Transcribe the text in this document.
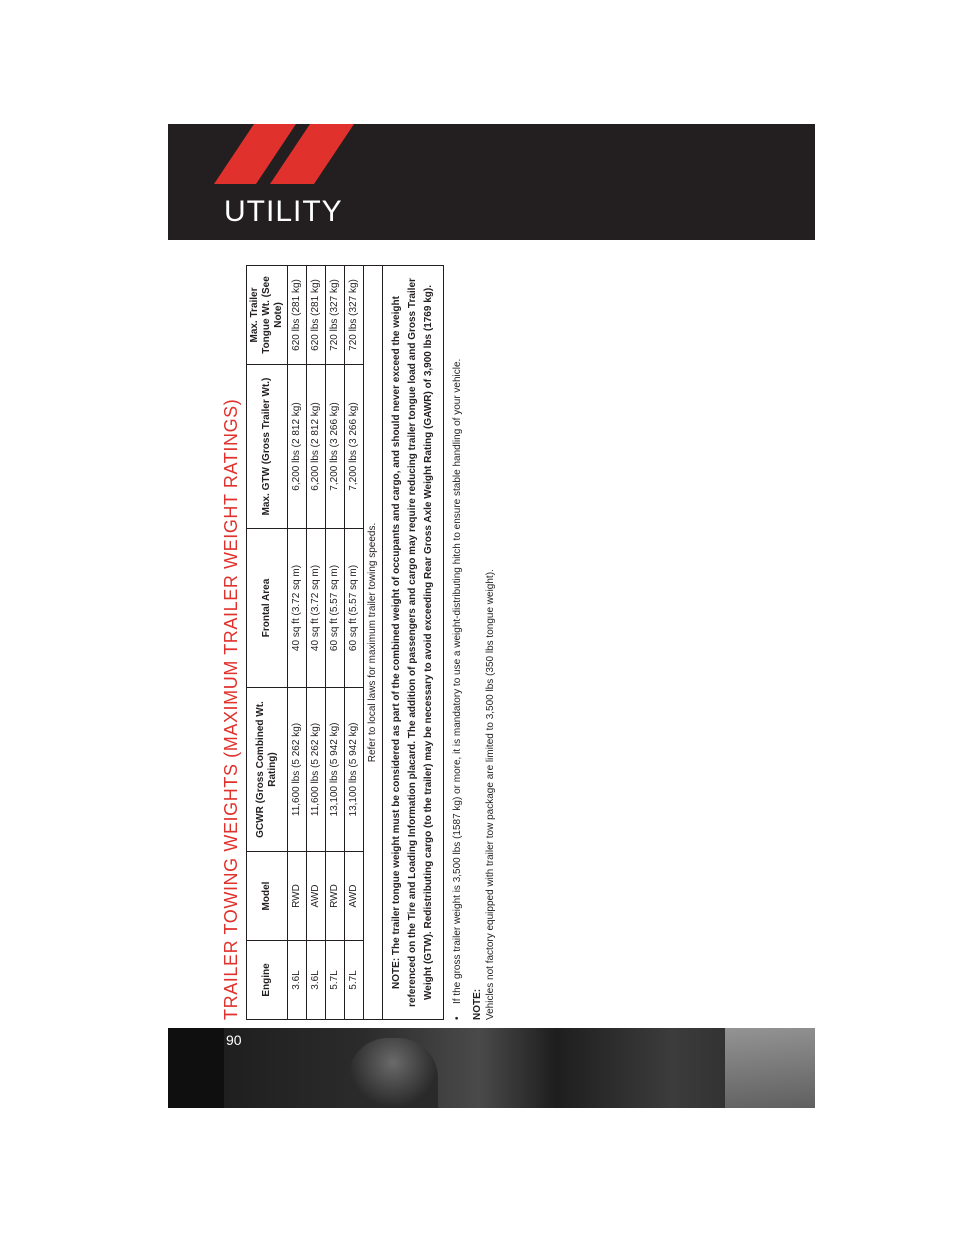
UTILITY
90
TRAILER TOWING WEIGHTS (MAXIMUM TRAILER WEIGHT RATINGS)	Engine	Model	GCWR (Gross Combined Wt. Rating)	Frontal Area	Max. GTW (Gross Trailer Wt.)	Max. Trailer Tongue Wt. (See Note)
3.6L	RWD	11,600 lbs (5 262 kg)	40 sq ft (3.72 sq m)	6,200 lbs (2 812 kg)	620 lbs (281 kg)
3.6L	AWD	11,600 lbs (5 262 kg)	40 sq ft (3.72 sq m)	6,200 lbs (2 812 kg)	620 lbs (281 kg)
5.7L	RWD	13,100 lbs (5 942 kg)	60 sq ft (5.57 sq m)	7,200 lbs (3 266 kg)	720 lbs (327 kg)
5.7L	AWD	13,100 lbs (5 942 kg)	60 sq ft (5.57 sq m)	7,200 lbs (3 266 kg)	720 lbs (327 kg)
Refer to local laws for maximum trailer towing speeds.					
NOTE: The trailer tongue weight must be considered as part of the combined weight of occupants and cargo, and should never exceed the weight referenced on the Tire and Loading Information placard. The addition of passengers and cargo may require reducing trailer tongue load and Gross Trailer Weight (GTW). Redistributing cargo (to the trailer) may be necessary to avoid exceeding Rear Gross Axle Weight Rating (GAWR) of 3,900 lbs (1769 kg).					
•
If the gross trailer weight is 3,500 lbs (1587 kg) or more, it is mandatory to use a weight-distributing hitch to ensure stable handling of your vehicle.
NOTE: Vehicles not factory equipped with trailer tow package are limited to 3,500 lbs (350 lbs tongue weight).
